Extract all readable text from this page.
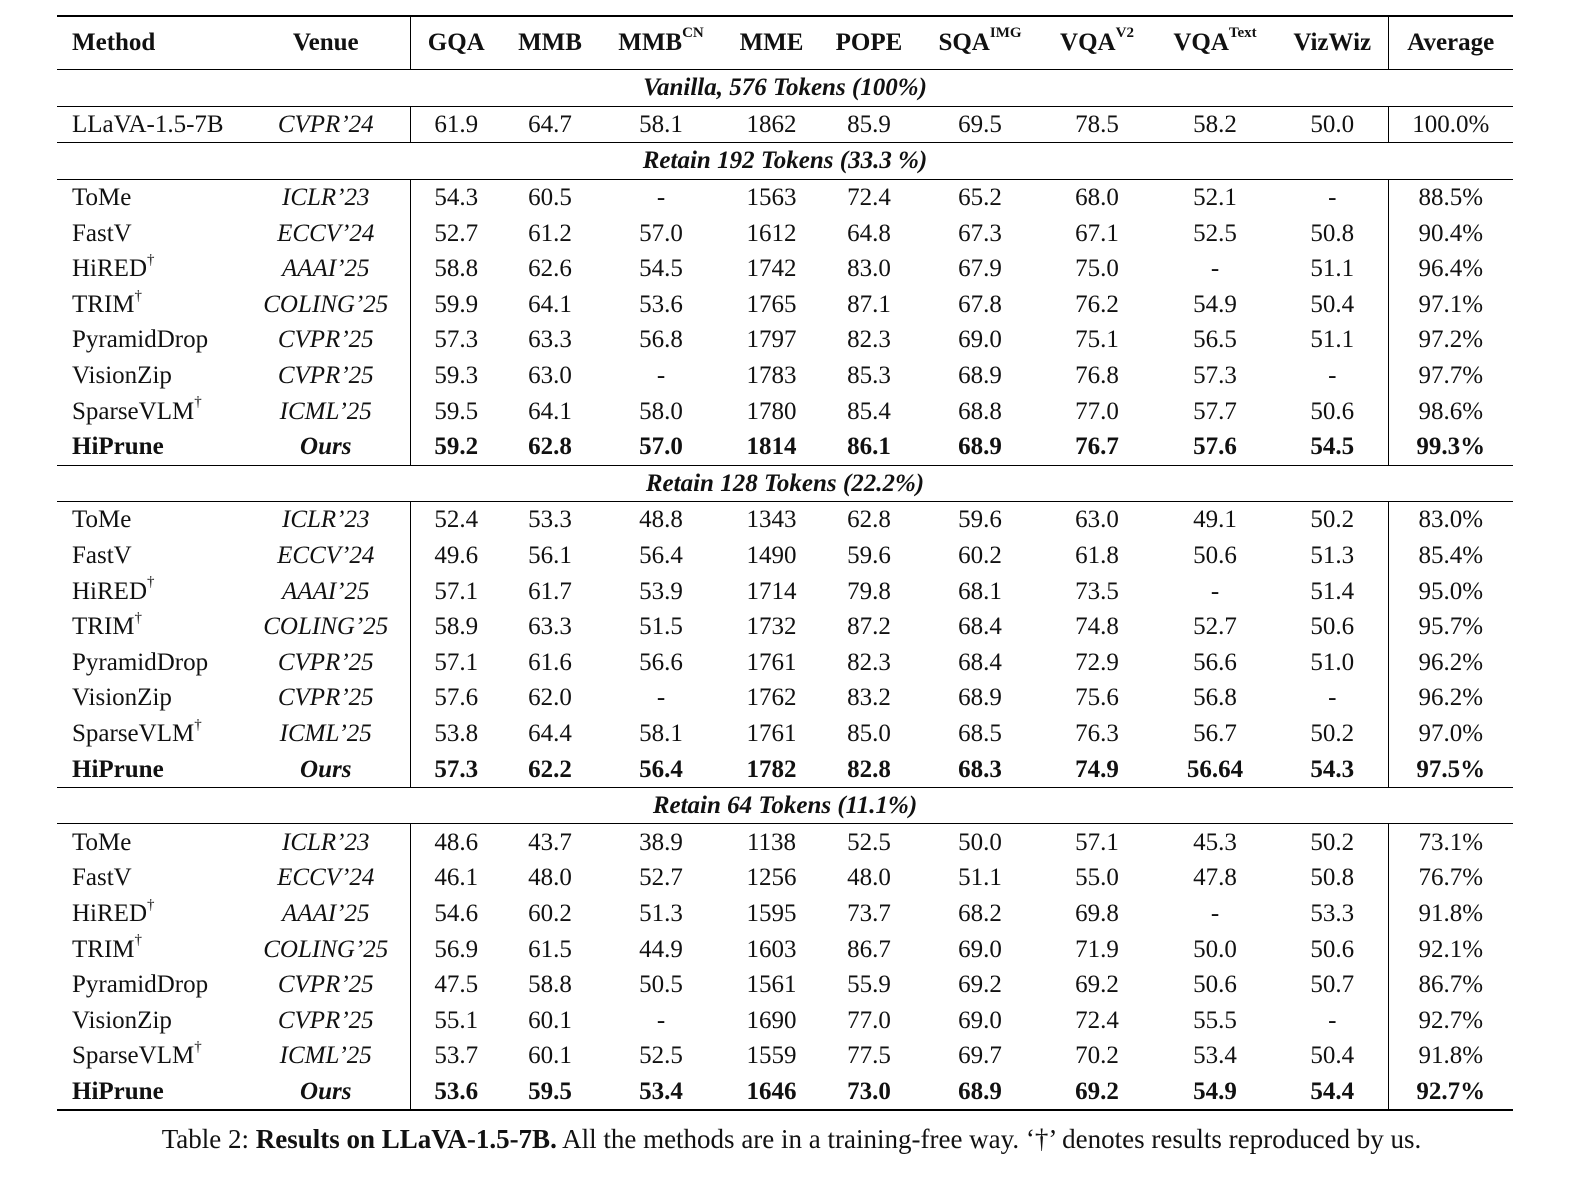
Method	Venue	GQA	MMB	$MMB^{CN}$	MME	POPE	$SQA^{IMG}$	$VQA^{V2}$	$VQA^{Text}$	VizWiz	Average
Vanilla, 576 Tokens (100%)											
LLaVA-1.5-7B	CVPR’24	61.9	64.7	58.1	1862	85.9	69.5	78.5	58.2	50.0	100.0%
Retain 192 Tokens (33.3 %)											
ToMe	ICLR’23	54.3	60.5	-	1563	72.4	65.2	68.0	52.1	-	88.5%
FastV	ECCV’24	52.7	61.2	57.0	1612	64.8	67.3	67.1	52.5	50.8	90.4%
HiRED†	AAAI’25	58.8	62.6	54.5	1742	83.0	67.9	75.0	-	51.1	96.4%
TRIM†	COLING’25	59.9	64.1	53.6	1765	87.1	67.8	76.2	54.9	50.4	97.1%
PyramidDrop	CVPR’25	57.3	63.3	56.8	1797	82.3	69.0	75.1	56.5	51.1	97.2%
VisionZip	CVPR’25	59.3	63.0	-	1783	85.3	68.9	76.8	57.3	-	97.7%
SparseVLM†	ICML’25	59.5	64.1	58.0	1780	85.4	68.8	77.0	57.7	50.6	98.6%
HiPrune	Ours	59.2	62.8	57.0	1814	86.1	68.9	76.7	57.6	54.5	99.3%
Retain 128 Tokens (22.2%)											
ToMe	ICLR’23	52.4	53.3	48.8	1343	62.8	59.6	63.0	49.1	50.2	83.0%
FastV	ECCV’24	49.6	56.1	56.4	1490	59.6	60.2	61.8	50.6	51.3	85.4%
HiRED†	AAAI’25	57.1	61.7	53.9	1714	79.8	68.1	73.5	-	51.4	95.0%
TRIM†	COLING’25	58.9	63.3	51.5	1732	87.2	68.4	74.8	52.7	50.6	95.7%
PyramidDrop	CVPR’25	57.1	61.6	56.6	1761	82.3	68.4	72.9	56.6	51.0	96.2%
VisionZip	CVPR’25	57.6	62.0	-	1762	83.2	68.9	75.6	56.8	-	96.2%
SparseVLM†	ICML’25	53.8	64.4	58.1	1761	85.0	68.5	76.3	56.7	50.2	97.0%
HiPrune	Ours	57.3	62.2	56.4	1782	82.8	68.3	74.9	56.64	54.3	97.5%
Retain 64 Tokens (11.1%)											
ToMe	ICLR’23	48.6	43.7	38.9	1138	52.5	50.0	57.1	45.3	50.2	73.1%
FastV	ECCV’24	46.1	48.0	52.7	1256	48.0	51.1	55.0	47.8	50.8	76.7%
HiRED†	AAAI’25	54.6	60.2	51.3	1595	73.7	68.2	69.8	-	53.3	91.8%
TRIM†	COLING’25	56.9	61.5	44.9	1603	86.7	69.0	71.9	50.0	50.6	92.1%
PyramidDrop	CVPR’25	47.5	58.8	50.5	1561	55.9	69.2	69.2	50.6	50.7	86.7%
VisionZip	CVPR’25	55.1	60.1	-	1690	77.0	69.0	72.4	55.5	-	92.7%
SparseVLM†	ICML’25	53.7	60.1	52.5	1559	77.5	69.7	70.2	53.4	50.4	91.8%
HiPrune	Ours	53.6	59.5	53.4	1646	73.0	68.9	69.2	54.9	54.4	92.7%
Table 2: Results on LLaVA-1.5-7B. All the methods are in a training-free way. ‘†’ denotes results reproduced by us.
